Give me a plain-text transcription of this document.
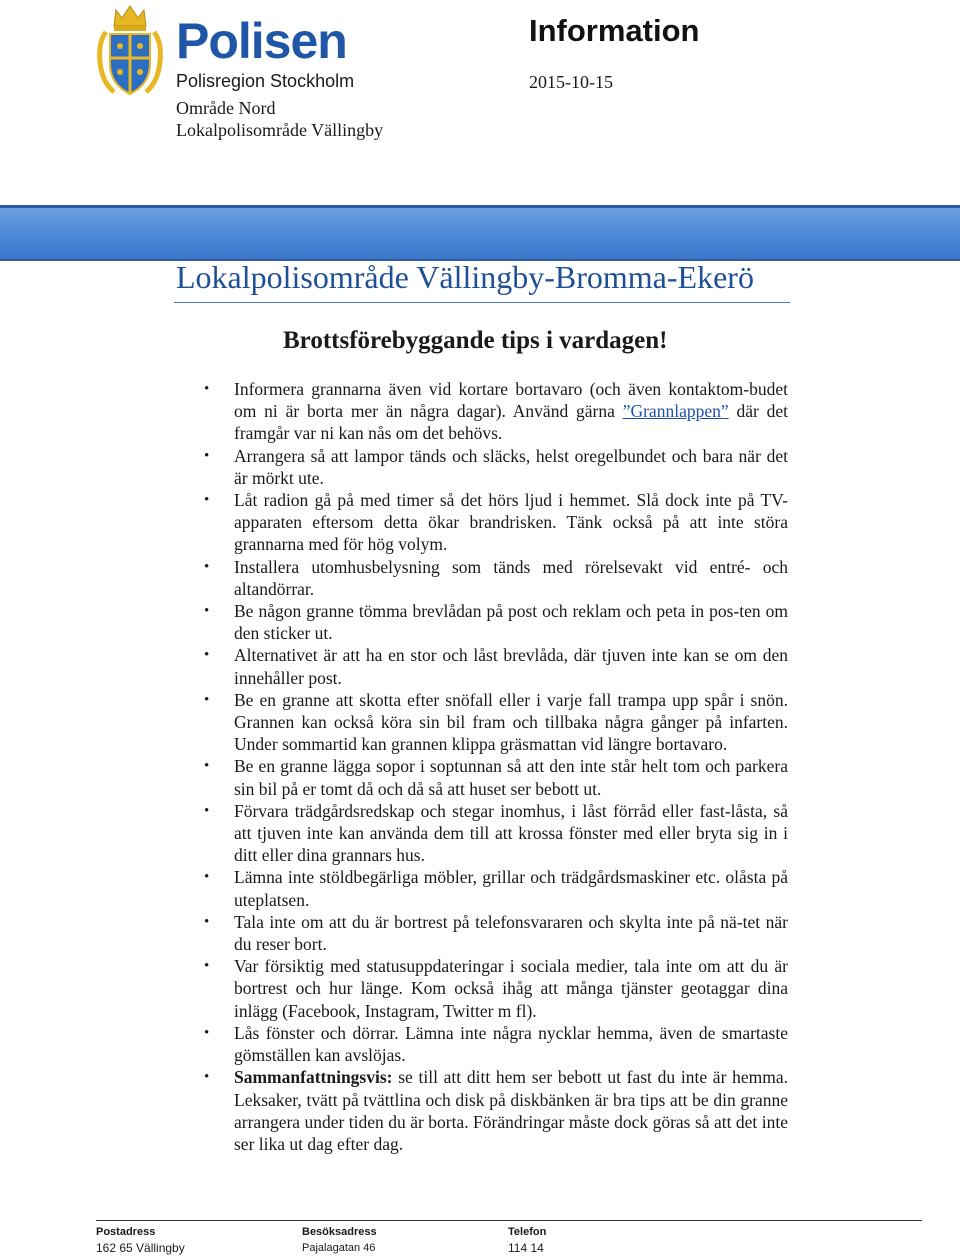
Polisen
Polisregion Stockholm
Område Nord
Lokalpolisområde Vällingby
Information
2015-10-15
Lokalpolisområde Vällingby-Bromma-Ekerö
Brottsförebyggande tips i vardagen!
• Informera grannarna även vid kortare bortavaro (och även kontaktom-budet om ni är borta mer än några dagar). Använd gärna ”Grannlappen” där det framgår var ni kan nås om det behövs.
• Arrangera så att lampor tänds och släcks, helst oregelbundet och bara när det är mörkt ute.
• Låt radion gå på med timer så det hörs ljud i hemmet. Slå dock inte på TV-apparaten eftersom detta ökar brandrisken. Tänk också på att inte störa grannarna med för hög volym.
• Installera utomhusbelysning som tänds med rörelsevakt vid entré- och altandörrar.
• Be någon granne tömma brevlådan på post och reklam och peta in pos-ten om den sticker ut.
• Alternativet är att ha en stor och låst brevlåda, där tjuven inte kan se om den innehåller post.
• Be en granne att skotta efter snöfall eller i varje fall trampa upp spår i snön. Grannen kan också köra sin bil fram och tillbaka några gånger på infarten. Under sommartid kan grannen klippa gräsmattan vid längre bortavaro.
• Be en granne lägga sopor i soptunnan så att den inte står helt tom och parkera sin bil på er tomt då och då så att huset ser bebott ut.
• Förvara trädgårdsredskap och stegar inomhus, i låst förråd eller fast-låsta, så att tjuven inte kan använda dem till att krossa fönster med eller bryta sig in i ditt eller dina grannars hus.
• Lämna inte stöldbegärliga möbler, grillar och trädgårdsmaskiner etc. olåsta på uteplatsen.
• Tala inte om att du är bortrest på telefonsvararen och skylta inte på nä-tet när du reser bort.
• Var försiktig med statusuppdateringar i sociala medier, tala inte om att du är bortrest och hur länge. Kom också ihåg att många tjänster geotaggar dina inlägg (Facebook, Instagram, Twitter m fl).
• Lås fönster och dörrar. Lämna inte några nycklar hemma, även de smartaste gömställen kan avslöjas.
• Sammanfattningsvis: se till att ditt hem ser bebott ut fast du inte är hemma. Leksaker, tvätt på tvättlina och disk på diskbänken är bra tips att be din granne arrangera under tiden du är borta. Förändringar måste dock göras så att det inte ser lika ut dag efter dag.
Postadress
162 65 Vällingby
Besöksadress
Pajalagatan 46
Telefon
114 14
